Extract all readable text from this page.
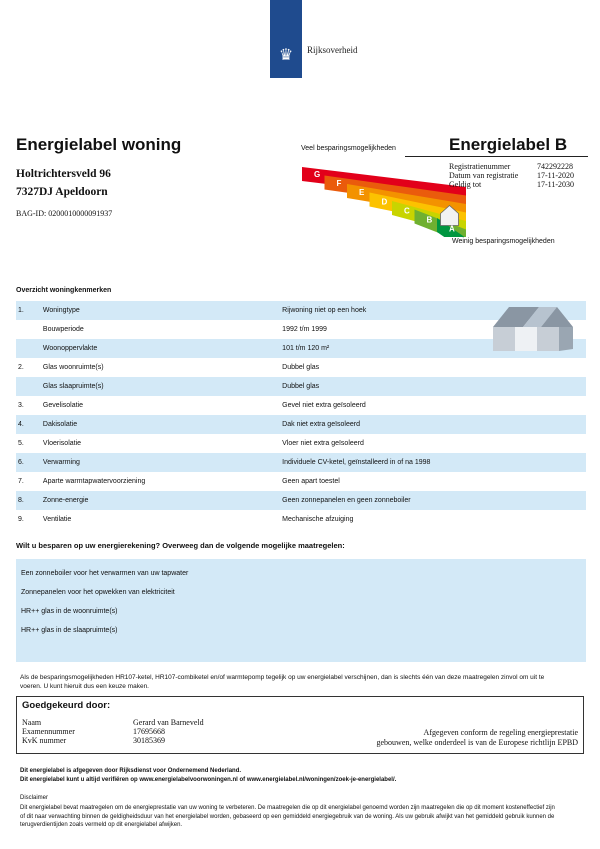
♛	Rijksoverheid
Energielabel woning
Holtrichtersveld 96
7327DJ Apeldoorn
BAG-ID: 0200010000091937
Veel besparingsmogelijkheden
G
F
E
D
C
B
A
Weinig besparingsmogelijkheden
Energielabel B
Registratienummer	742292228
Datum van registratie 17-11-2020
Geldig tot	17-11-2030
Overzicht woningkenmerken
1.	Woningtype	Rijwoning niet op een hoek
	Bouwperiode	1992 t/m 1999
	Woonoppervlakte	101 t/m 120 m²
2.	Glas woonruimte(s)	Dubbel glas
	Glas slaapruimte(s)	Dubbel glas
3.	Gevelisolatie	Gevel niet extra geïsoleerd
4.	Dakisolatie	Dak niet extra geïsoleerd
5.	Vloerisolatie	Vloer niet extra geïsoleerd
6.	Verwarming	Individuele CV-ketel, geïnstalleerd in of na 1998
7.	Aparte warmtapwatervoorziening	Geen apart toestel
8.	Zonne-energie	Geen zonnepanelen en geen zonneboiler
9.	Ventilatie	Mechanische afzuiging
Wilt u besparen op uw energierekening? Overweeg dan de volgende mogelijke maatregelen:
Een zonneboiler voor het verwarmen van uw tapwater
Zonnepanelen voor het opwekken van elektriciteit
HR++ glas in de woonruimte(s)
HR++ glas in de slaapruimte(s)
Als de besparingsmogelijkheden HR107-ketel, HR107-combiketel en/of warmtepomp tegelijk op uw energielabel verschijnen, dan is slechts één van deze maatregelen zinvol om uit te voeren. U kunt hieruit dus een keuze maken.
Goedgekeurd door:
Afgegeven conform de regeling energieprestatie
gebouwen, welke onderdeel is van de Europese richtlijn EPBD
Naam	Gerard van Barneveld
Examennummer	17695668
KvK nummer	30185369
Dit energielabel is afgegeven door Rijksdienst voor Ondernemend Nederland.
Dit energielabel kunt u altijd verifiëren op www.energielabelvoorwoningen.nl of www.energielabel.nl/woningen/zoek-je-energielabel/.
Disclaimer
Dit energielabel bevat maatregelen om de energieprestatie van uw woning te verbeteren. De maatregelen die op dit energielabel genoemd worden zijn maatregelen die op dit moment kosteneffectief zijn of dit naar verwachting binnen de geldigheidsduur van het energielabel worden, gebaseerd op een gemiddeld energiegebruik van de woning. Als uw gebruik afwijkt van het gemiddeld gebruik kunnen de terugverdientijden zoals vermeld op dit energielabel afwijken.
